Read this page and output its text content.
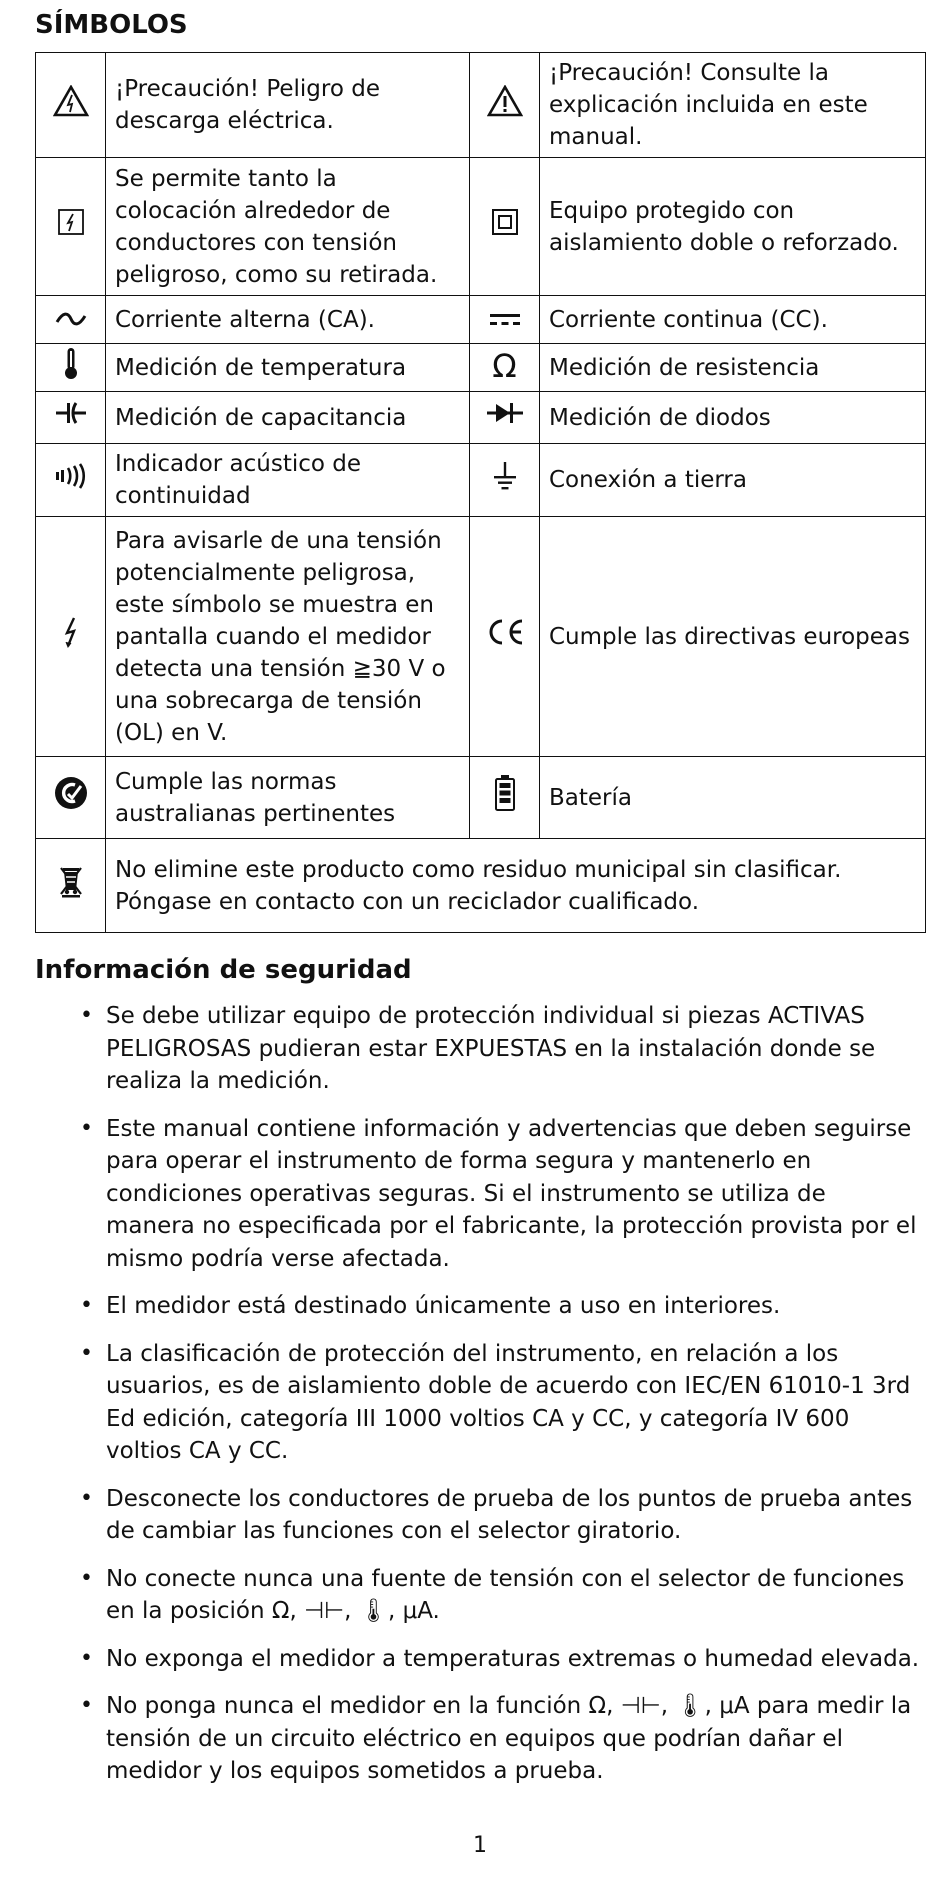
SÍMBOLOS
	¡Precaución! Peligro de descarga eléctrica.		¡Precaución! Consulte la explicación incluida en este manual.

	Se permite tanto la colocación alrededor de conductores con tensión peligroso, como su retirada.		Equipo protegido con aislamiento doble o reforzado.

	Corriente alterna (CA).		Corriente continua (CC).

	Medición de temperatura	Ω	Medición de resistencia

	Medición de capacitancia		Medición de diodos

	Indicador acústico de continuidad		Conexión a tierra

	Para avisarle de una tensión potencialmente peligrosa, este símbolo se muestra en pantalla cuando el medidor detecta una tensión ≧30 V o una sobrecarga de tensión (OL) en V.		Cumple las directivas europeas

	Cumple las normas australianas pertinentes		Batería

No elimine este producto como residuo municipal sin clasificar.
Póngase en contacto con un reciclador cualificado.		
Información de seguridad
• Se debe utilizar equipo de protección individual si piezas ACTIVAS PELIGROSAS pudieran estar EXPUESTAS en la instalación donde se realiza la medición.
• Este manual contiene información y advertencias que deben seguirse para operar el instrumento de forma segura y mantenerlo en condiciones operativas seguras. Si el instrumento se utiliza de manera no especificada por el fabricante, la protección provista por el mismo podría verse afectada.
• El medidor está destinado únicamente a uso en interiores.
• La clasificación de protección del instrumento, en relación a los usuarios, es de aislamiento doble de acuerdo con IEC/EN 61010-1 3rd Ed edición, categoría III 1000 voltios CA y CC, y categoría IV 600 voltios CA y CC.
• Desconecte los conductores de prueba de los puntos de prueba antes de cambiar las funciones con el selector giratorio.
• No conecte nunca una fuente de tensión con el selector de funciones en la posición Ω, ⊣⊢, 🌡, μA.
• No exponga el medidor a temperaturas extremas o humedad elevada.
• No ponga nunca el medidor en la función Ω, ⊣⊢, 🌡, μA para medir la tensión de un circuito eléctrico en equipos que podrían dañar el medidor y los equipos sometidos a prueba.
1
